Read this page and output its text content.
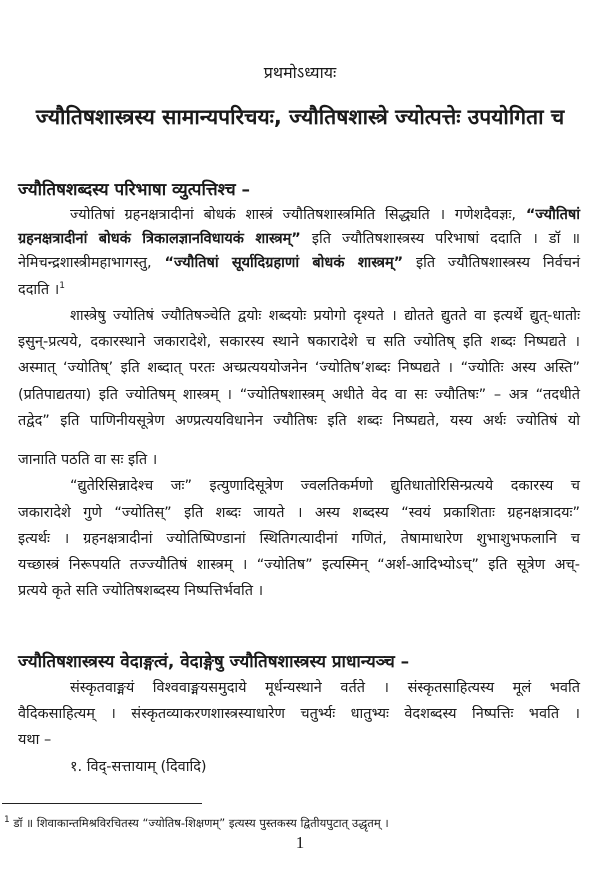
प्रथमोऽध्यायः
ज्यौतिषशास्त्रस्य सामान्यपरिचयः, ज्यौतिषशास्त्रे ज्योत्पत्तेः उपयोगिता च
ज्यौतिषशब्दस्य परिभाषा व्युत्पत्तिश्च –
ज्योतिषां ग्रहनक्षत्रादीनां बोधकं शास्त्रं ज्यौतिषशास्त्रमिति सिद्ध्यति । गणेशदैवज्ञः, “ज्यौतिषां
ग्रहनक्षत्रादीनां बोधकं त्रिकालज्ञानविधायकं शास्त्रम्” इति ज्यौतिषशास्त्रस्य परिभाषां ददाति । डॉ ॥
नेमिचन्द्रशास्त्रीमहाभागस्तु, “ज्यौतिषां सूर्यादिग्रहाणां बोधकं शास्त्रम्” इति ज्यौतिषशास्त्रस्य निर्वचनं
ददाति ।$^1$
शास्त्रेषु ज्योतिषं ज्यौतिषञ्चेति द्वयोः शब्दयोः प्रयोगो दृश्यते । द्योतते द्युतते वा इत्यर्थे द्युत्-धातोः
इसुन्-प्रत्यये, दकारस्थाने जकारादेशे, सकारस्य स्थाने षकारादेशे च सति ज्योतिष् इति शब्दः निष्पद्यते ।
अस्मात् ‘ज्योतिष्’ इति शब्दात् परतः अच्प्रत्यययोजनेन ‘ज्योतिष’शब्दः निष्पद्यते । “ज्योतिः अस्य अस्ति”
(प्रतिपाद्यतया) इति ज्योतिषम् शास्त्रम् । “ज्योतिषशास्त्रम् अधीते वेद वा सः ज्यौतिषः” – अत्र “तदधीते
तद्वेद” इति पाणिनीयसूत्रेण अण्प्रत्ययविधानेन ज्यौतिषः इति शब्दः निष्पद्यते, यस्य अर्थः ज्योतिषं यो
जानाति पठति वा सः इति ।
“द्युतेरिसिन्नादेश्च जः” इत्युणादिसूत्रेण ज्वलतिकर्मणो द्युतिधातोरिसिन्प्रत्यये दकारस्य च
जकारादेशे गुणे “ज्योतिस्” इति शब्दः जायते । अस्य शब्दस्य “स्वयं प्रकाशिताः ग्रहनक्षत्रादयः”
इत्यर्थः । ग्रहनक्षत्रादीनां ज्योतिष्पिण्डानां स्थितिगत्यादीनां गणितं, तेषामाधारेण शुभाशुभफलानि च
यच्छास्त्रं निरूपयति तज्ज्यौतिषं शास्त्रम् । “ज्योतिष” इत्यस्मिन् “अर्श-आदिभ्योऽच्” इति सूत्रेण अच्-
प्रत्यये कृते सति ज्योतिषशब्दस्य निष्पत्तिर्भवति ।
ज्यौतिषशास्त्रस्य वेदाङ्गत्वं, वेदाङ्गेषु ज्यौतिषशास्त्रस्य प्राधान्यञ्च –
संस्कृतवाङ्मयं विश्ववाङ्मयसमुदाये मूर्धन्यस्थाने वर्तते । संस्कृतसाहित्यस्य मूलं भवति
वैदिकसाहित्यम् । संस्कृतव्याकरणशास्त्रस्याधारेण चतुर्भ्यः धातुभ्यः वेदशब्दस्य निष्पत्तिः भवति ।
यथा –
१. विद्-सत्तायाम् (दिवादि)
$^1$ डॉ ॥ शिवाकान्तमिश्रविरचितस्य “ज्योतिष-शिक्षणम्” इत्यस्य पुस्तकस्य द्वितीयपुटात् उद्धृतम् ।
1
